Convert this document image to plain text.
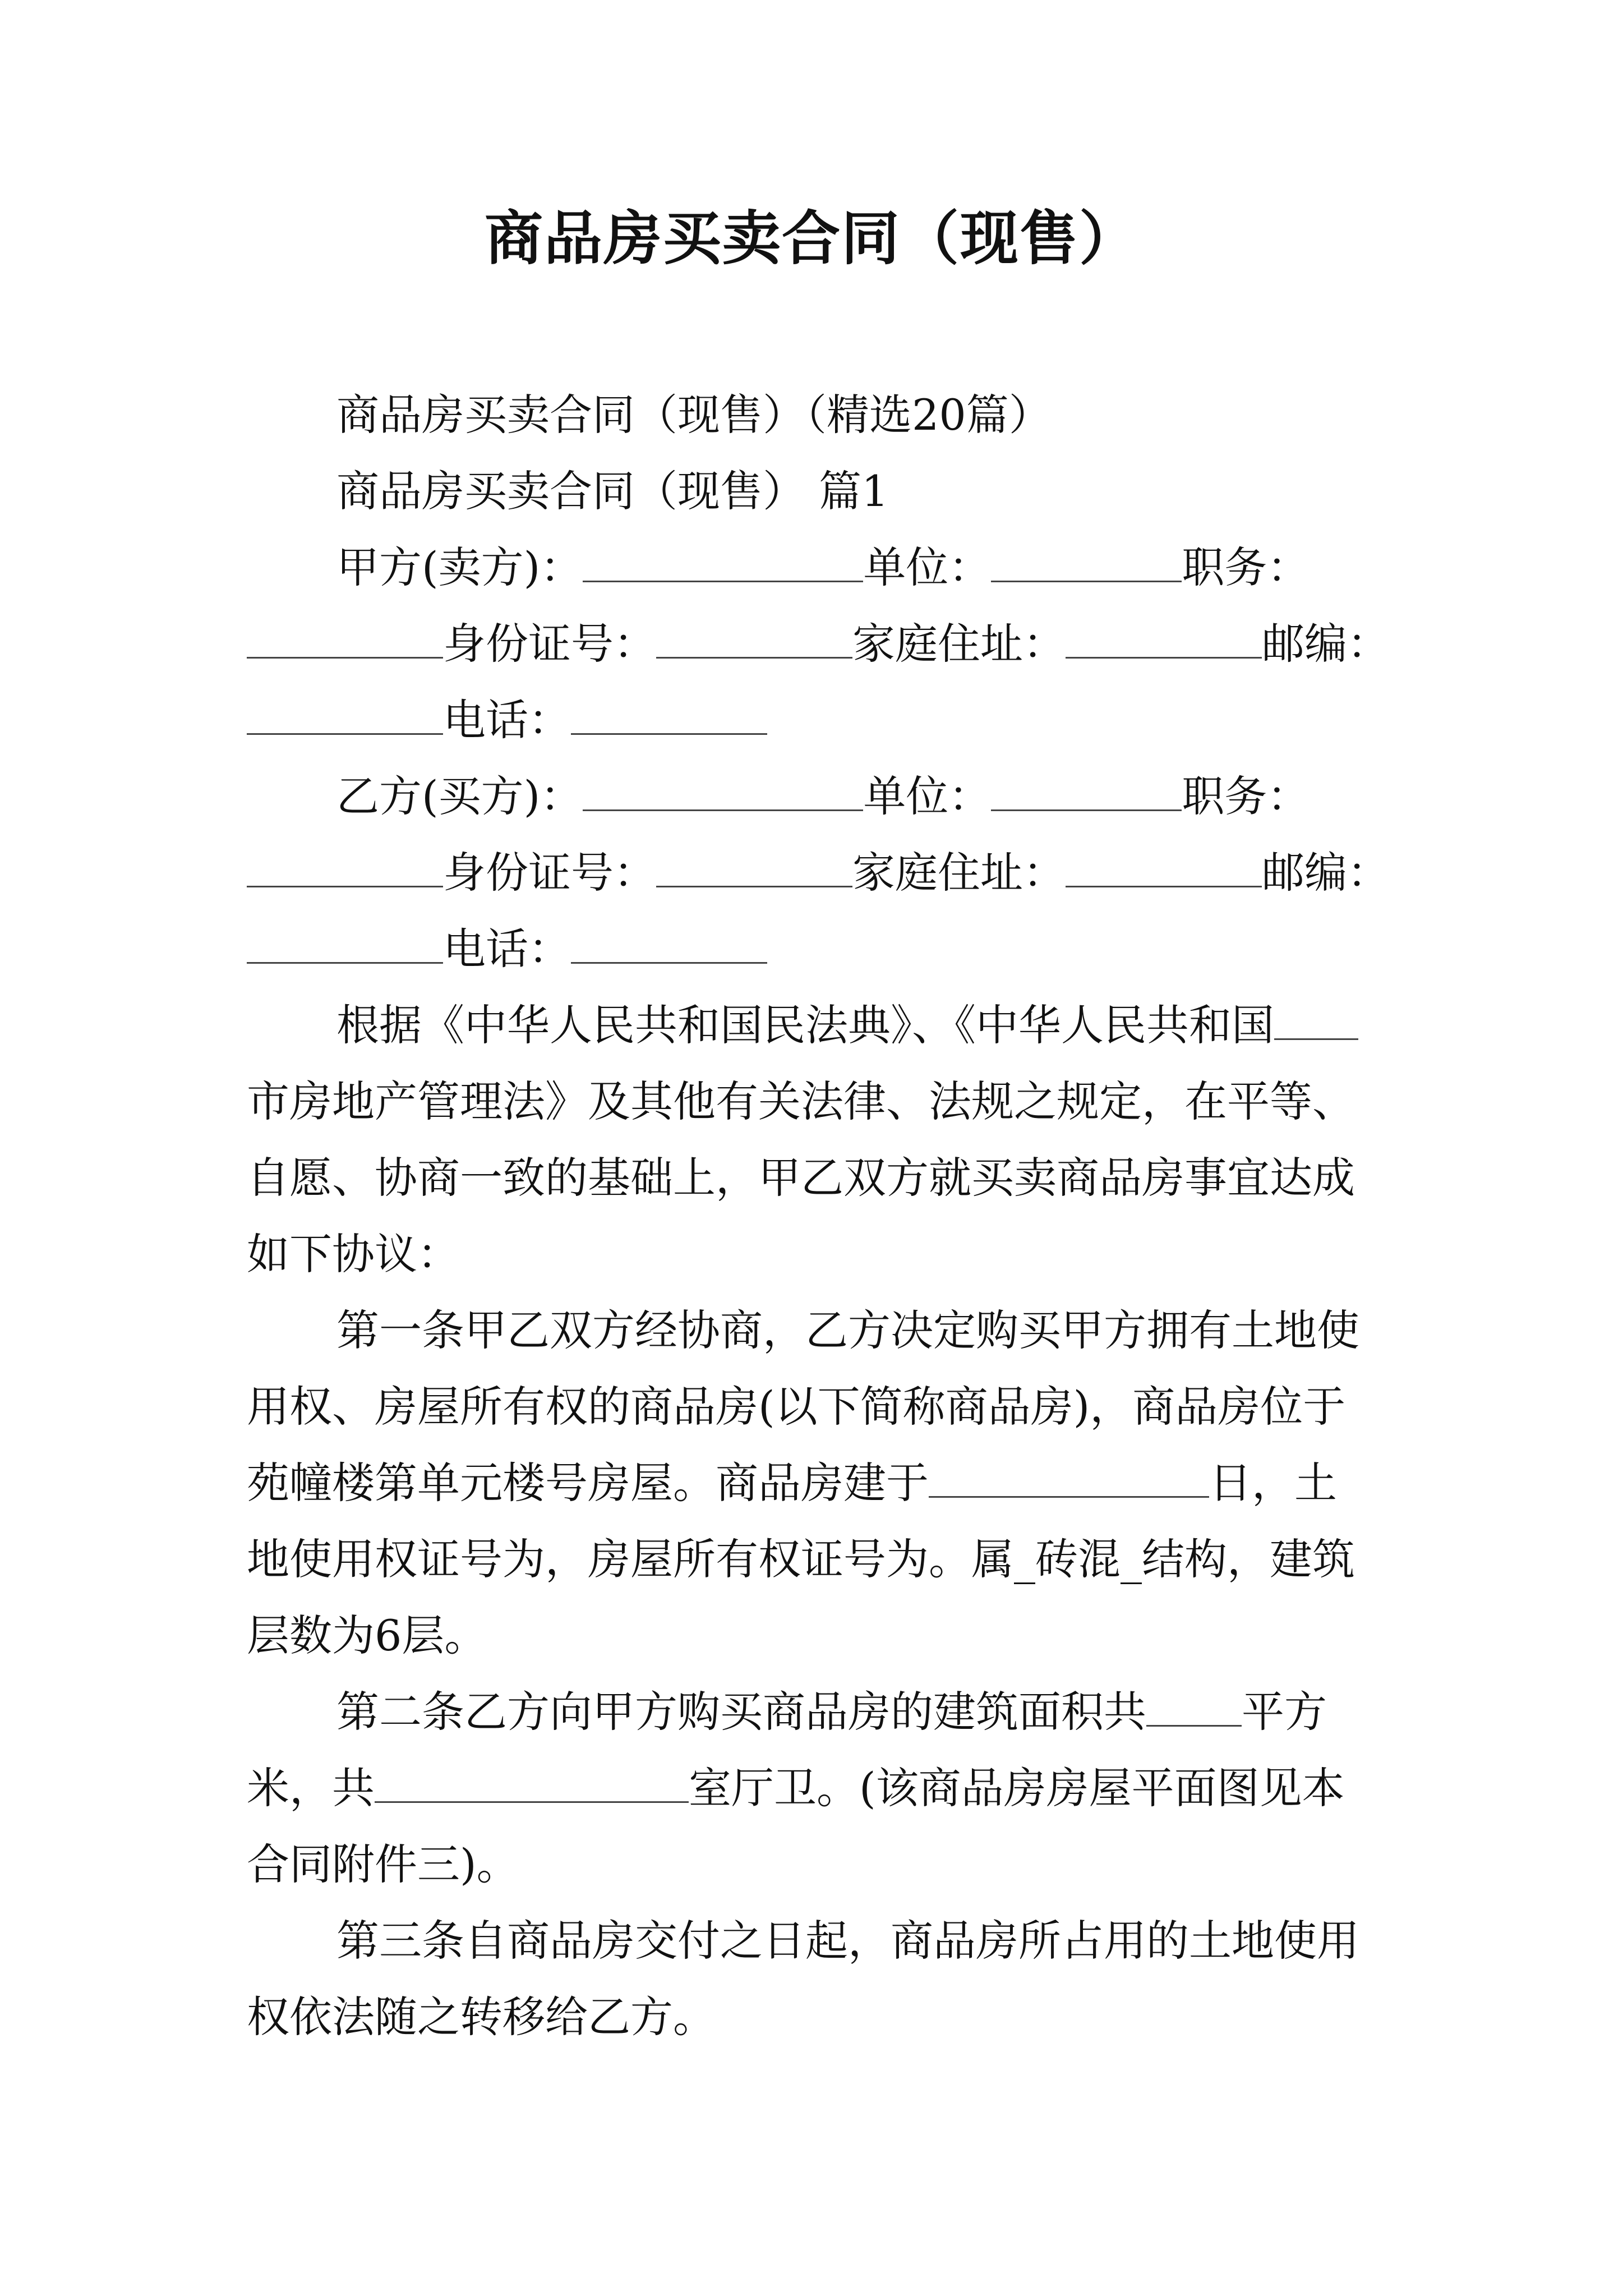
商品房买卖合同（现售）
商品房买卖合同（现售）（精选20篇）
商品房买卖合同（现售） 篇1
甲方(卖方)：	单位：	职务：
身份证号：	家庭住址：	邮编：
电话：
乙方(买方)：	单位：	职务：
身份证号：	家庭住址：	邮编：
电话：
根据《中华人民共和国民法典》、《中华人民共和国
市房地产管理法》及其他有关法律、法规之规定，在平等、
自愿、协商一致的基础上，甲乙双方就买卖商品房事宜达成
如下协议：
第一条甲乙双方经协商，乙方决定购买甲方拥有土地使
用权、房屋所有权的商品房(以下简称商品房)，商品房位于
苑幢楼第单元楼号房屋。商品房建于	日，土
地使用权证号为，房屋所有权证号为。属_砖混_结构，建筑
层数为6层。
第二条乙方向甲方购买商品房的建筑面积共 平方
米，共	室厅卫。(该商品房房屋平面图见本
合同附件三)。
第三条自商品房交付之日起，商品房所占用的土地使用
权依法随之转移给乙方。
